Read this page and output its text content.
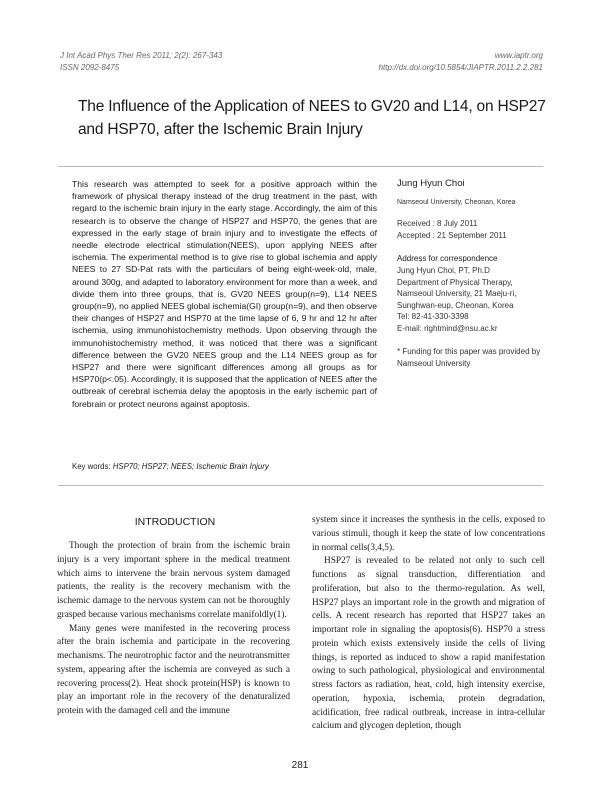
J Int Acad Phys Ther Res 2011; 2(2): 267-343
ISSN 2092-8475
www.iaptr.org
http://dx.doi.org/10.5854/JIAPTR.2011.2.2.281
The Influence of the Application of NEES to GV20 and L14, on HSP27 and HSP70, after the Ischemic Brain Injury

This research was attempted to seek for a positive approach within the framework of physical therapy instead of the drug treatment in the past, with regard to the ischemic brain injury in the early stage. Accordingly, the aim of this research is to observe the change of HSP27 and HSP70, the genes that are expressed in the early stage of brain injury and to investigate the effects of needle electrode electrical stimulation(NEES), upon applying NEES after ischemia. The experimental method is to give rise to global ischemia and apply NEES to 27 SD-Pat rats with the particulars of being eight-week-old, male, around 300g, and adapted to laboratory environment for more than a week, and divide them into three groups, that is, GV20 NEES group(n=9), L14 NEES group(n=9), no applied NEES global ischemia(GI) group(n=9), and then observe their changes of HSP27 and HSP70 at the time lapse of 6, 9 hr and 12 hr after ischemia, using immunohistochemistry methods. Upon observing through the immunohistochemistry method, it was noticed that there was a significant difference between the GV20 NEES group and the L14 NEES group as for HSP27 and there were significant differences among all groups as for HSP70(p<.05). Accordingly, it is supposed that the application of NEES after the outbreak of cerebral ischemia delay the apoptosis in the early ischemic part of forebrain or protect neurons against apoptosis.

Key words: HSP70; HSP27; NEES; Ischemic Brain Injury
Jung Hyun Choi
Namseoul University, Cheonan, Korea
Received : 8 July 2011
Accepted : 21 September 2011
Address for correspondence
Jung Hyun Choi, PT, Ph.D
Department of Physical Therapy,
Namseoul University, 21 Maeju-ri,
Sunghwan-eup, Cheonan, Korea
Tel: 82-41-330-3398
E-mail: rightmind@nsu.ac.kr
* Funding for this paper was provided by Namseoul University
INTRODUCTION

Though the protection of brain from the ischemic brain injury is a very important sphere in the medical treatment which aims to intervene the brain nervous system damaged patients, the reality is the recovery mechanism with the ischemic damage to the nervous system can not be thoroughly grasped because various mechanisms correlate manifoldly(1).

Many genes were manifested in the recovering process after the brain ischemia and participate in the recovering mechanisms. The neurotrophic factor and the neurotransmitter system, appearing after the ischemia are conveyed as such a recovering process(2). Heat shock protein(HSP) is known to play an important role in the recovery of the denaturalized protein with the damaged cell and the immune

system since it increases the synthesis in the cells, exposed to various stimuli, though it keep the state of low concentrations in normal cells(3,4,5).

HSP27 is revealed to be related not only to such cell functions as signal transduction, differentiation and proliferation, but also to the thermo-regulation. As well, HSP27 plays an important role in the growth and migration of cells. A recent research has reported that HSP27 takes an important role in signaling the apoptosis(6). HSP70 a stress protein which exists extensively inside the cells of living things, is reported as induced to show a rapid manifestation owing to such pathological, physiological and environmental stress factors as radiation, heat, cold, high intensity exercise, operation, hypoxia, ischemia, protein degradation, acidification, free radical outbreak, increase in intra-cellular calcium and glycogen depletion, though

281
